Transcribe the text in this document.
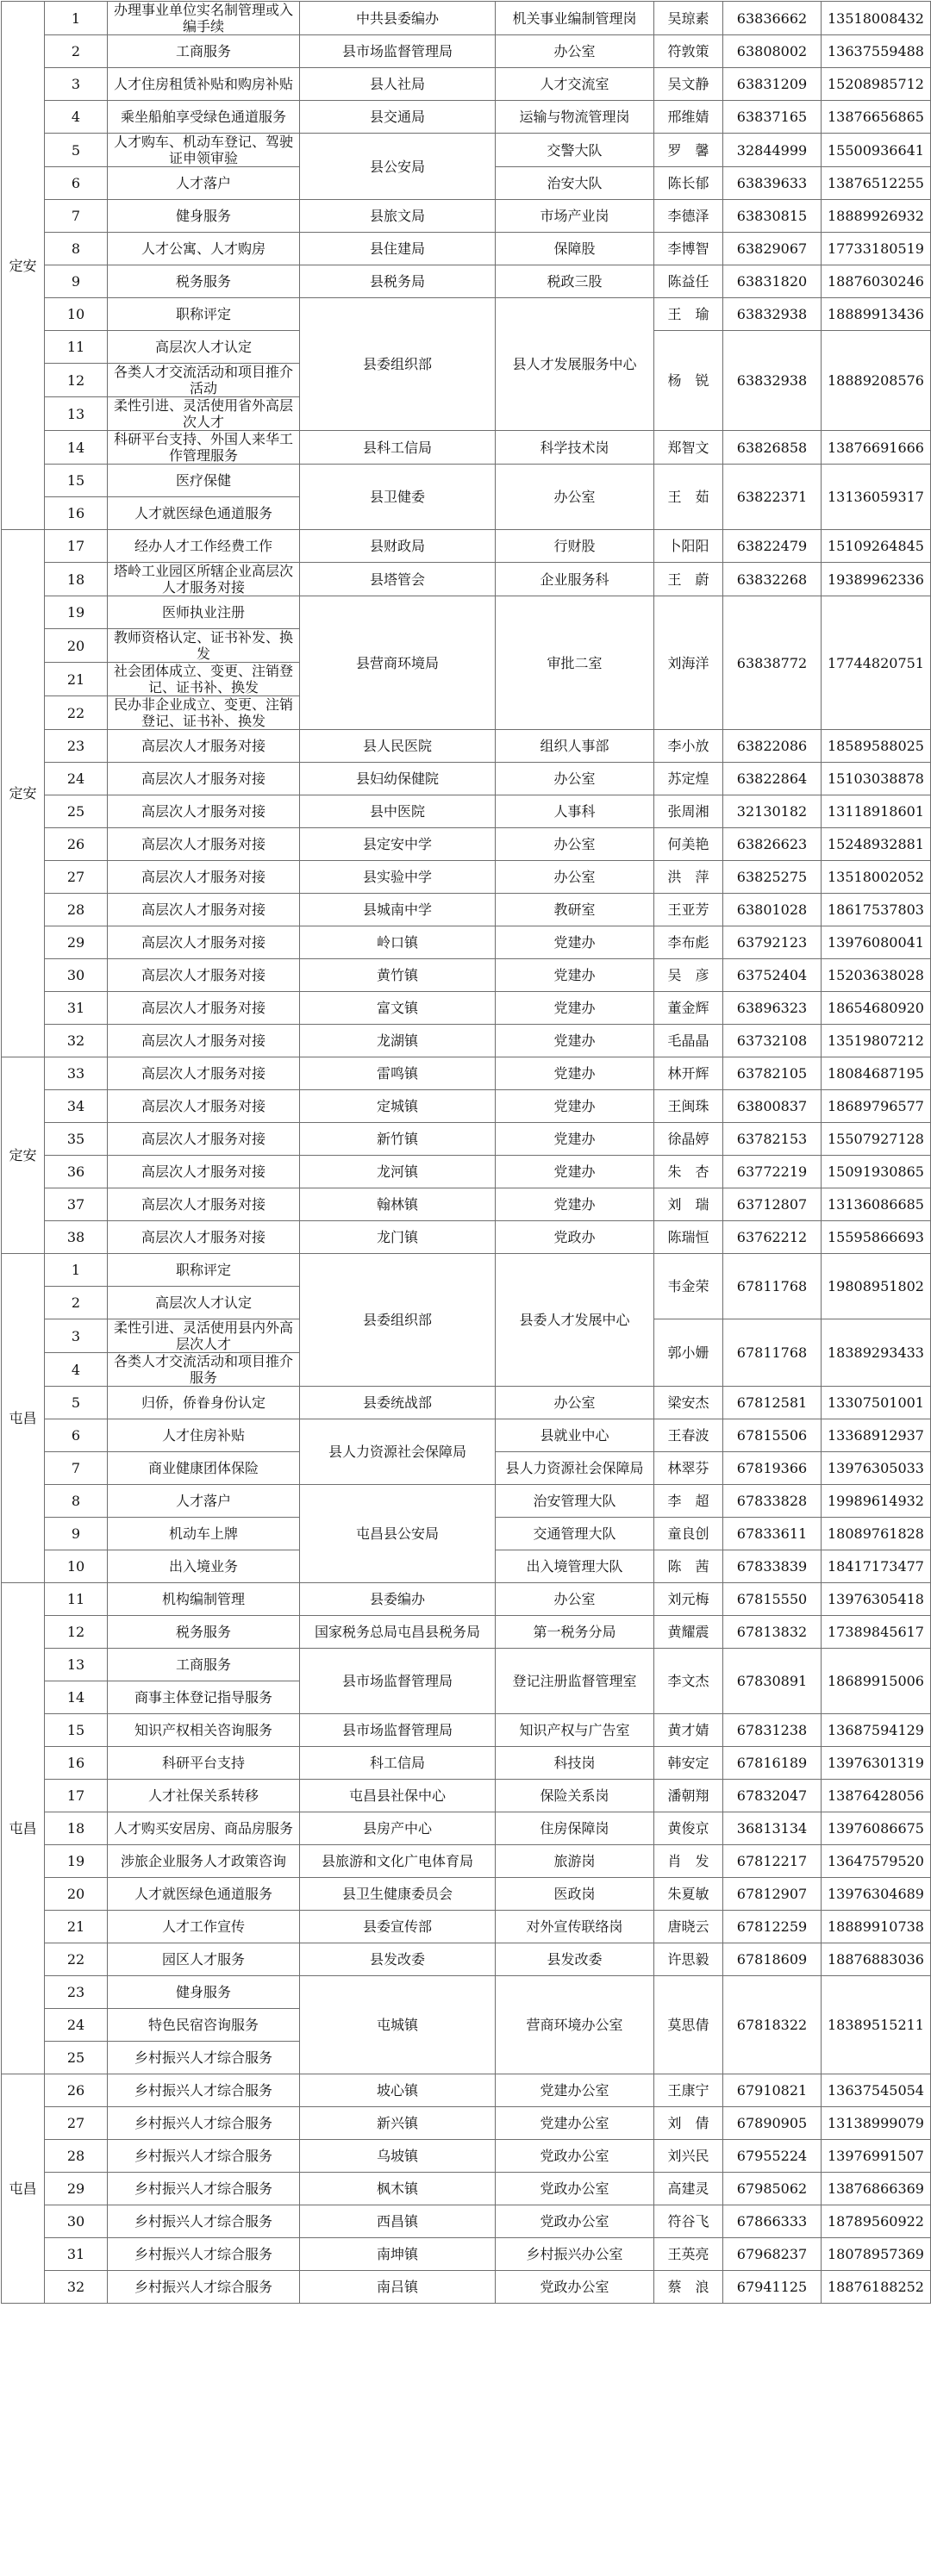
定安	1	办理事业单位实名制管理或入编手续	中共县委编办	机关事业编制管理岗	吴琼素	63836662	13518008432
	2	工商服务	县市场监督管理局	办公室	符敦策	63808002	13637559488
	3	人才住房租赁补贴和购房补贴	县人社局	人才交流室	吴文静	63831209	15208985712
	4	乘坐船舶享受绿色通道服务	县交通局	运输与物流管理岗	邢维婧	63837165	13876656865
	5	人才购车、机动车登记、驾驶证申领审验	县公安局	交警大队	罗　馨	32844999	15500936641
	6	人才落户		治安大队	陈长郁	63839633	13876512255
	7	健身服务	县旅文局	市场产业岗	李德泽	63830815	18889926932
	8	人才公寓、人才购房	县住建局	保障股	李博智	63829067	17733180519
	9	税务服务	县税务局	税政三股	陈益任	63831820	18876030246
	10	职称评定	县委组织部	县人才发展服务中心	王　瑜	63832938	18889913436
	11	高层次人才认定			杨　锐	63832938	18889208576
	12	各类人才交流活动和项目推介活动					
	13	柔性引进、灵活使用省外高层次人才					
	14	科研平台支持、外国人来华工作管理服务	县科工信局	科学技术岗	郑智文	63826858	13876691666
	15	医疗保健	县卫健委	办公室	王　茹	63822371	13136059317
	16	人才就医绿色通道服务					
定安	17	经办人才工作经费工作	县财政局	行财股	卜阳阳	63822479	15109264845
	18	塔岭工业园区所辖企业高层次人才服务对接	县塔管会	企业服务科	王　蔚	63832268	19389962336
	19	医师执业注册	县营商环境局	审批二室	刘海洋	63838772	17744820751
	20	教师资格认定、证书补发、换发					
	21	社会团体成立、变更、注销登记、证书补、换发					
	22	民办非企业成立、变更、注销登记、证书补、换发					
	23	高层次人才服务对接	县人民医院	组织人事部	李小放	63822086	18589588025
	24	高层次人才服务对接	县妇幼保健院	办公室	苏定煌	63822864	15103038878
	25	高层次人才服务对接	县中医院	人事科	张周湘	32130182	13118918601
	26	高层次人才服务对接	县定安中学	办公室	何美艳	63826623	15248932881
	27	高层次人才服务对接	县实验中学	办公室	洪　萍	63825275	13518002052
	28	高层次人才服务对接	县城南中学	教研室	王亚芳	63801028	18617537803
	29	高层次人才服务对接	岭口镇	党建办	李布彪	63792123	13976080041
	30	高层次人才服务对接	黄竹镇	党建办	吴　彦	63752404	15203638028
	31	高层次人才服务对接	富文镇	党建办	董金辉	63896323	18654680920
	32	高层次人才服务对接	龙湖镇	党建办	毛晶晶	63732108	13519807212
定安	33	高层次人才服务对接	雷鸣镇	党建办	林开辉	63782105	18084687195
	34	高层次人才服务对接	定城镇	党建办	王闽珠	63800837	18689796577
	35	高层次人才服务对接	新竹镇	党建办	徐晶婷	63782153	15507927128
	36	高层次人才服务对接	龙河镇	党建办	朱　杏	63772219	15091930865
	37	高层次人才服务对接	翰林镇	党建办	刘　瑞	63712807	13136086685
	38	高层次人才服务对接	龙门镇	党政办	陈瑞恒	63762212	15595866693
屯昌	1	职称评定	县委组织部	县委人才发展中心	韦金荣	67811768	19808951802
	2	高层次人才认定					
	3	柔性引进、灵活使用县内外高层次人才			郭小姗	67811768	18389293433
	4	各类人才交流活动和项目推介服务					
	5	归侨，侨眷身份认定	县委统战部	办公室	梁安杰	67812581	13307501001
	6	人才住房补贴	县人力资源社会保障局	县就业中心	王春波	67815506	13368912937
	7	商业健康团体保险		县人力资源社会保障局	林翠芬	67819366	13976305033
	8	人才落户	屯昌县公安局	治安管理大队	李　超	67833828	19989614932
	9	机动车上牌		交通管理大队	童良创	67833611	18089761828
	10	出入境业务		出入境管理大队	陈　茜	67833839	18417173477
屯昌	11	机构编制管理	县委编办	办公室	刘元梅	67815550	13976305418
	12	税务服务	国家税务总局屯昌县税务局	第一税务分局	黄耀震	67813832	17389845617
	13	工商服务	县市场监督管理局	登记注册监督管理室	李文杰	67830891	18689915006
	14	商事主体登记指导服务					
	15	知识产权相关咨询服务	县市场监督管理局	知识产权与广告室	黄才婧	67831238	13687594129
	16	科研平台支持	科工信局	科技岗	韩安定	67816189	13976301319
	17	人才社保关系转移	屯昌县社保中心	保险关系岗	潘朝翔	67832047	13876428056
	18	人才购买安居房、商品房服务	县房产中心	住房保障岗	黄俊京	36813134	13976086675
	19	涉旅企业服务人才政策咨询	县旅游和文化广电体育局	旅游岗	肖　发	67812217	13647579520
	20	人才就医绿色通道服务	县卫生健康委员会	医政岗	朱夏敏	67812907	13976304689
	21	人才工作宣传	县委宣传部	对外宣传联络岗	唐晓云	67812259	18889910738
	22	园区人才服务	县发改委	县发改委	许思毅	67818609	18876883036
	23	健身服务	屯城镇	营商环境办公室	莫思倩	67818322	18389515211
	24	特色民宿咨询服务					
	25	乡村振兴人才综合服务					
屯昌	26	乡村振兴人才综合服务	坡心镇	党建办公室	王康宁	67910821	13637545054
	27	乡村振兴人才综合服务	新兴镇	党建办公室	刘　倩	67890905	13138999079
	28	乡村振兴人才综合服务	乌坡镇	党政办公室	刘兴民	67955224	13976991507
	29	乡村振兴人才综合服务	枫木镇	党政办公室	高建灵	67985062	13876866369
	30	乡村振兴人才综合服务	西昌镇	党政办公室	符谷飞	67866333	18789560922
	31	乡村振兴人才综合服务	南坤镇	乡村振兴办公室	王英亮	67968237	18078957369
	32	乡村振兴人才综合服务	南吕镇	党政办公室	蔡　浪	67941125	18876188252
